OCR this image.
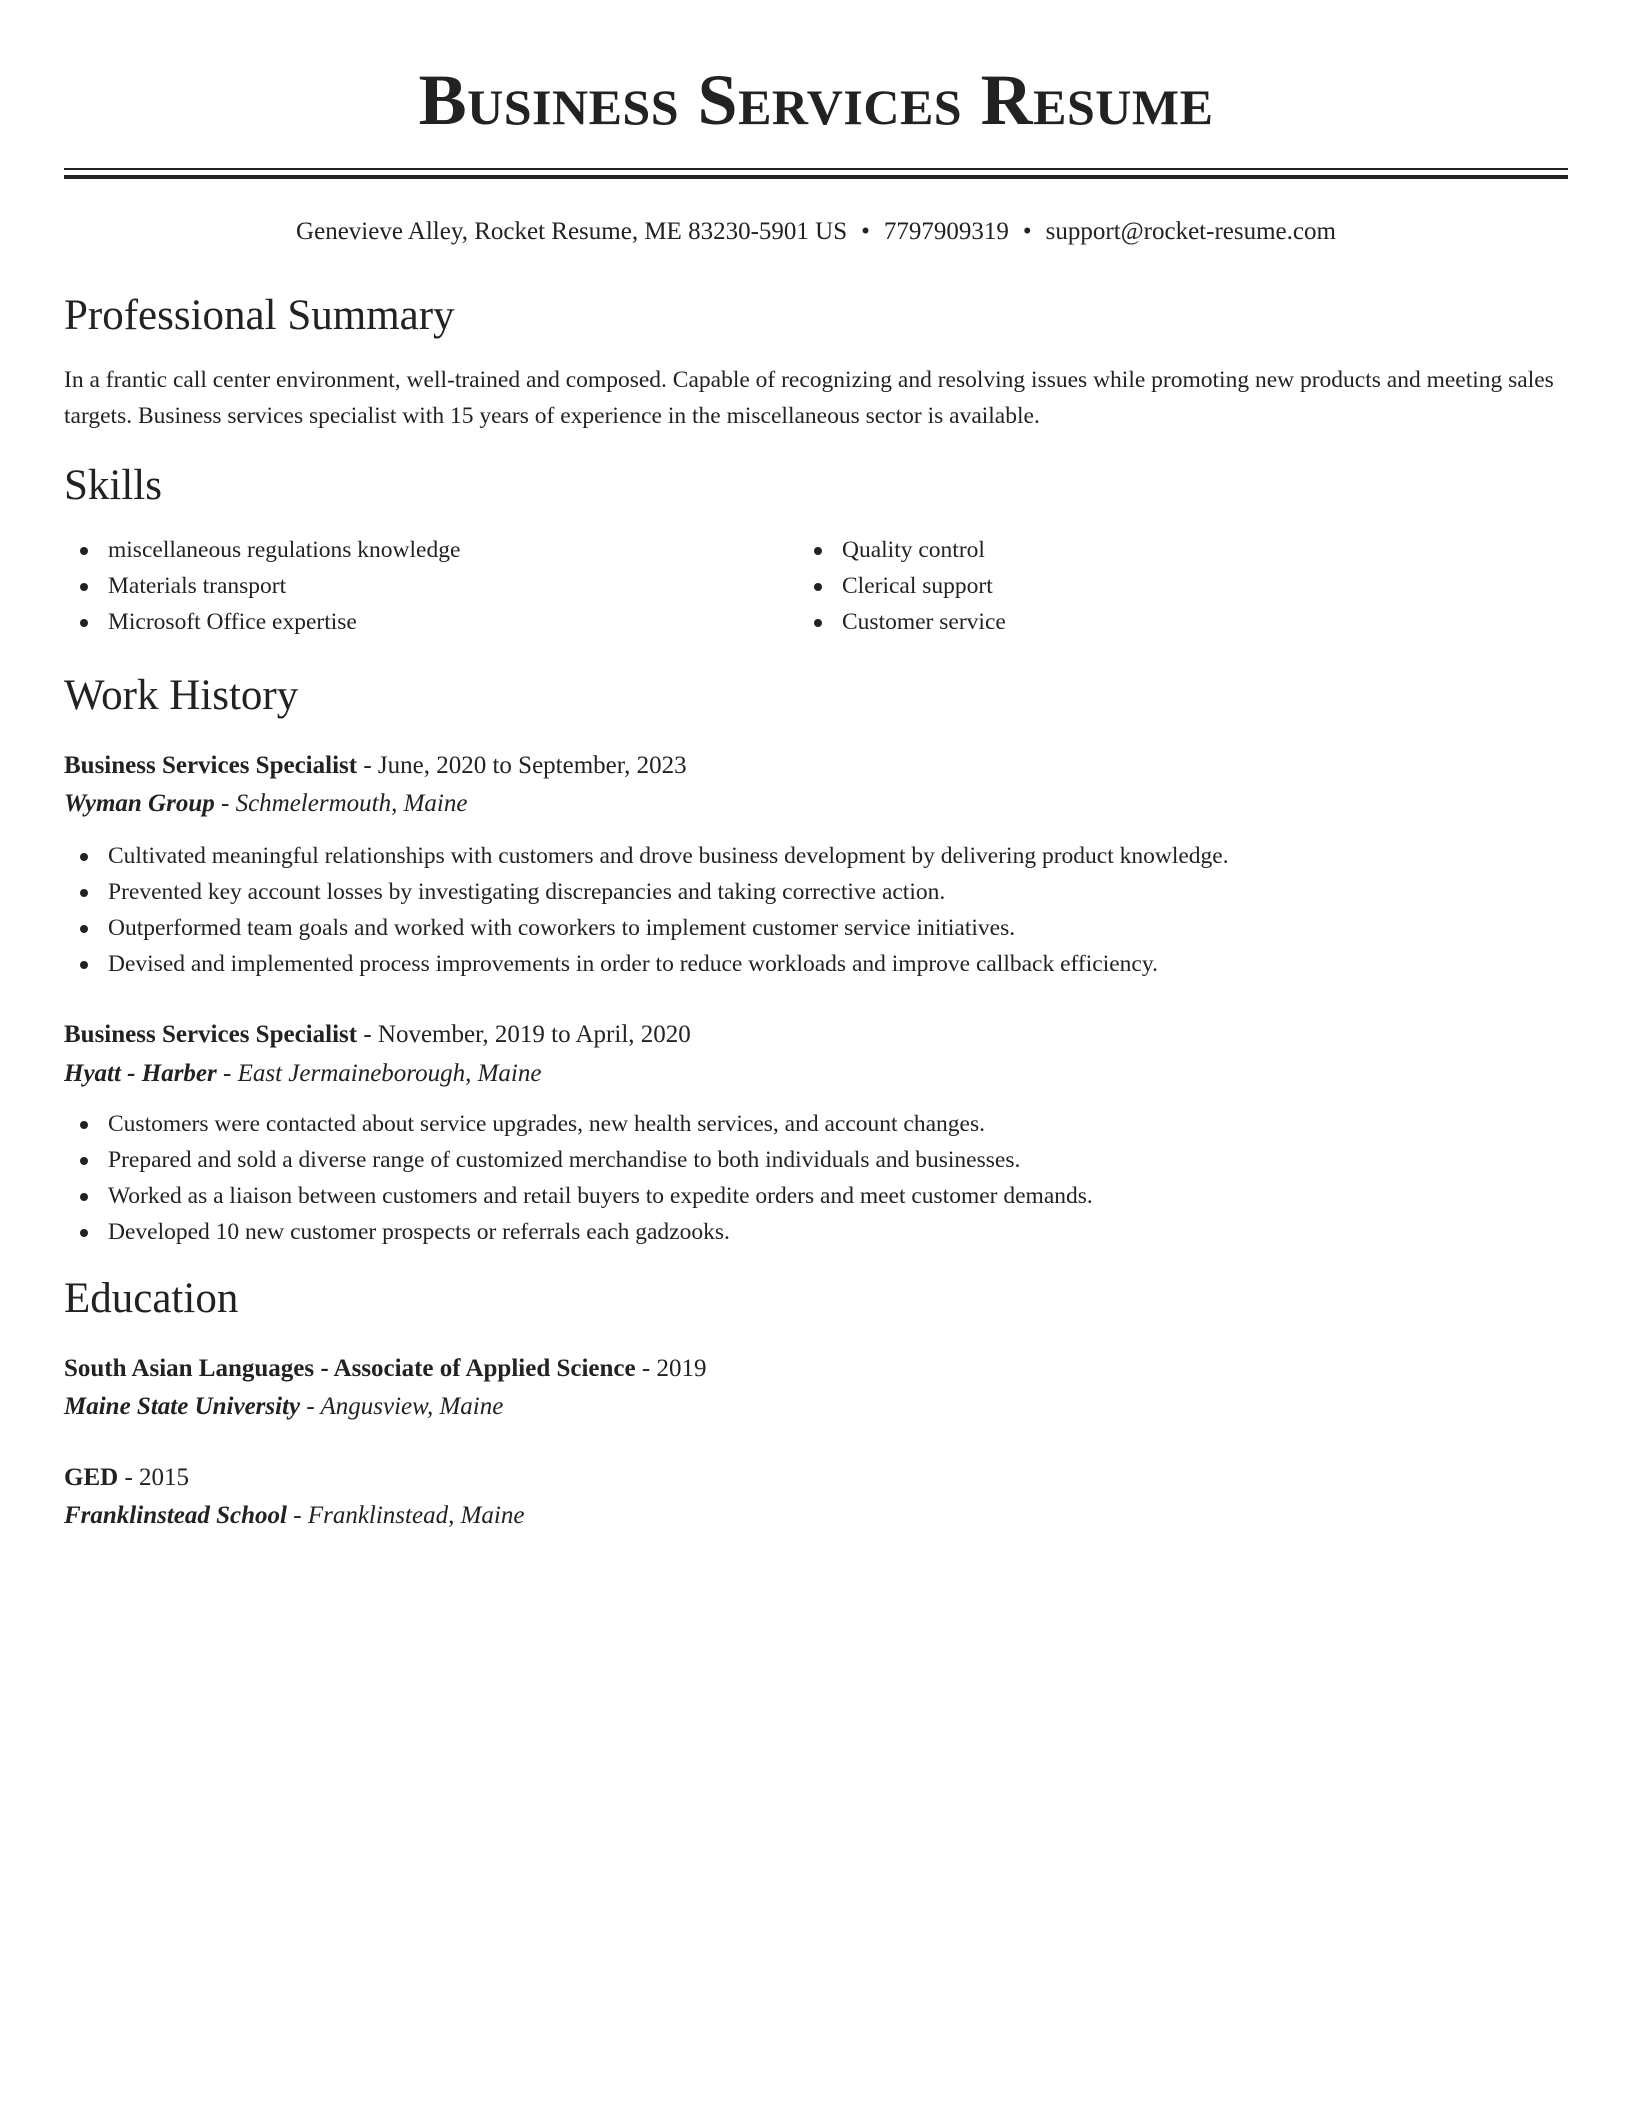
Business Services Resume
Genevieve Alley, Rocket Resume, ME 83230-5901 US • 7797909319 • support@rocket-resume.com
Professional Summary

In a frantic call center environment, well-trained and composed. Capable of recognizing and resolving issues while promoting new products and meeting sales targets. Business services specialist with 15 years of experience in the miscellaneous sector is available.

Skills
miscellaneous regulations knowledge
Materials transport
Microsoft Office expertise
Quality control
Clerical support
Customer service
Work History
Business Services Specialist - June, 2020 to September, 2023
Wyman Group - Schmelermouth, Maine
Cultivated meaningful relationships with customers and drove business development by delivering product knowledge.
Prevented key account losses by investigating discrepancies and taking corrective action.
Outperformed team goals and worked with coworkers to implement customer service initiatives.
Devised and implemented process improvements in order to reduce workloads and improve callback efficiency.
Business Services Specialist - November, 2019 to April, 2020
Hyatt - Harber - East Jermaineborough, Maine
Customers were contacted about service upgrades, new health services, and account changes.
Prepared and sold a diverse range of customized merchandise to both individuals and businesses.
Worked as a liaison between customers and retail buyers to expedite orders and meet customer demands.
Developed 10 new customer prospects or referrals each gadzooks.
Education
South Asian Languages - Associate of Applied Science - 2019
Maine State University - Angusview, Maine
GED - 2015
Franklinstead School - Franklinstead, Maine
